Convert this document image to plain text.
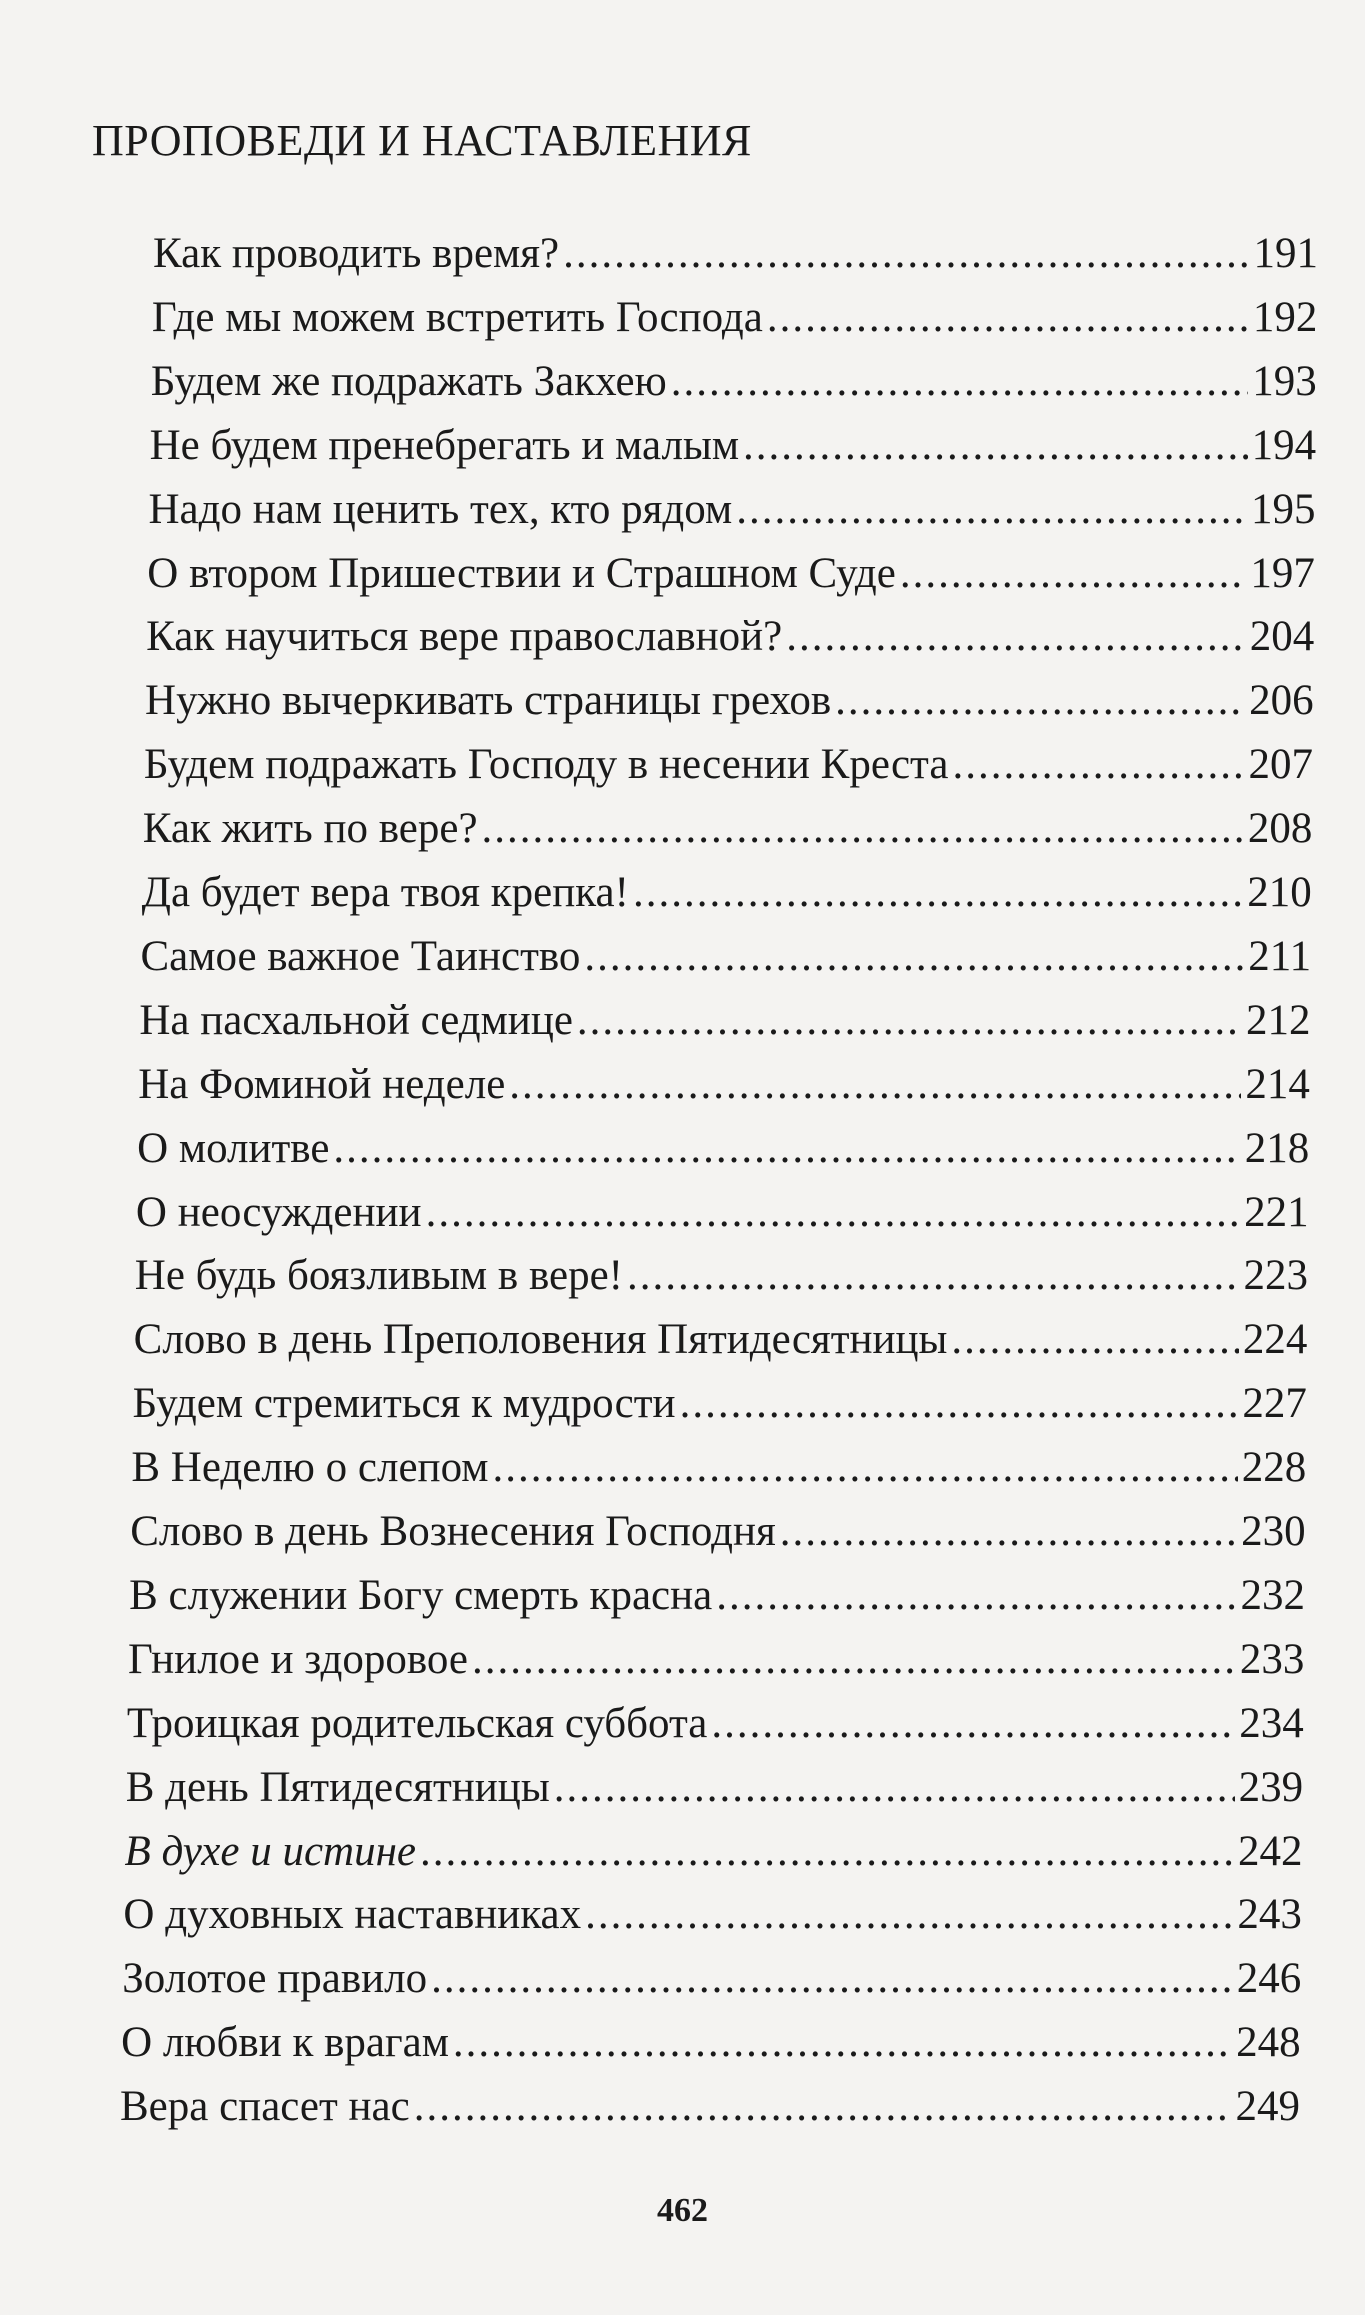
ПРОПОВЕДИ И НАСТАВЛЕНИЯ
Как проводить время? .....	191
Где мы можем встретить Господа .....	192
Будем же подражать Закхею .....	193
Не будем пренебрегать и малым .....	194
Надо нам ценить тех, кто рядом .....	195
О втором Пришествии и Страшном Суде .....	197
Как научиться вере православной? .....	204
Нужно вычеркивать страницы грехов .....	206
Будем подражать Господу в несении Креста .....	207
Как жить по вере? .....	208
Да будет вера твоя крепка! .....	210
Самое важное Таинство .....	211
На пасхальной седмице .....	212
На Фоминой неделе .....	214
О молитве .....	218
О неосуждении .....	221
Не будь боязливым в вере! .....	223
Слово в день Преполовения Пятидесятницы .....	224
Будем стремиться к мудрости .....	227
В Неделю о слепом .....	228
Слово в день Вознесения Господня .....	230
В служении Богу смерть красна .....	232
Гнилое и здоровое .....	233
Троицкая родительская суббота .....	234
В день Пятидесятницы .....	239
В духе и истине .....	242
О духовных наставниках .....	243
Золотое правило .....	246
О любви к врагам .....	248
Вера спасет нас .....	249
462
